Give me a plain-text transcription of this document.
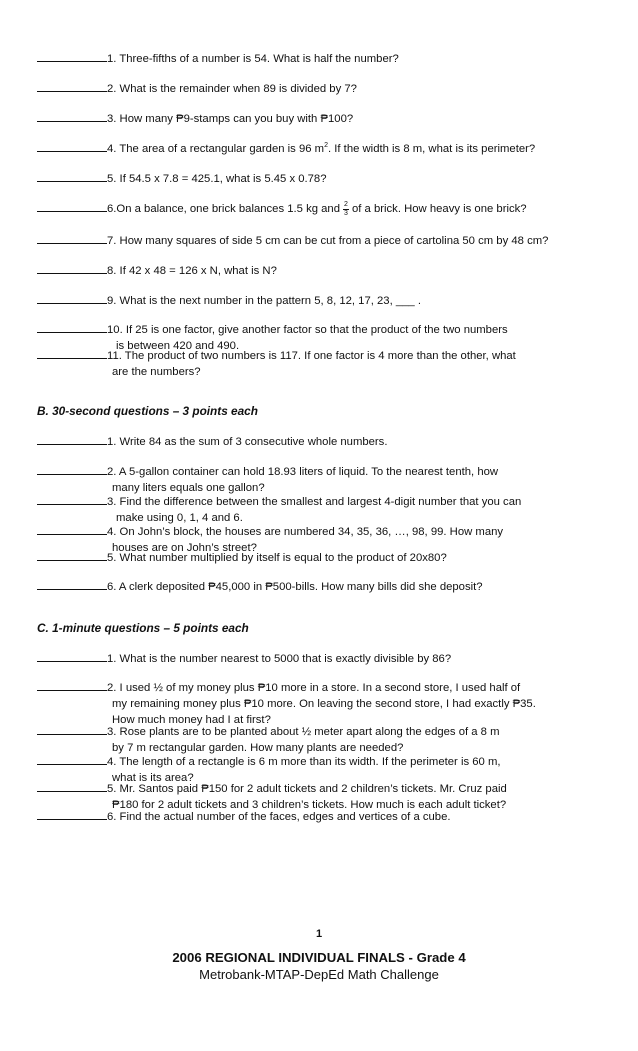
1. Three-fifths of a number is 54. What is half the number?
2. What is the remainder when 89 is divided by 7?
3. How many ₱9-stamps can you buy with ₱100?
4. The area of a rectangular garden is 96 $m^2$. If the width is 8 m, what is its perimeter?
5. If 54.5 x 7.8 = 425.1, what is 5.45 x 0.78?
6.On a balance, one brick balances 1.5 kg and $\frac{2}{3}$ of a brick. How heavy is one brick?
7. How many squares of side 5 cm can be cut from a piece of cartolina 50 cm by 48 cm?
8. If 42 x 48 = 126 x N, what is N?
9. What is the next number in the pattern 5, 8, 12, 17, 23, ___ .
10. If 25 is one factor, give another factor so that the product of the two numbers
is between 420 and 490.
11. The product of two numbers is 117. If one factor is 4 more than the other, what
are the numbers?
B. 30-second questions – 3 points each
1. Write 84 as the sum of 3 consecutive whole numbers.
2. A 5-gallon container can hold 18.93 liters of liquid. To the nearest tenth, how
many liters equals one gallon?
3. Find the difference between the smallest and largest 4-digit number that you can
make using 0, 1, 4 and 6.
4. On John’s block, the houses are numbered 34, 35, 36, …, 98, 99. How many
houses are on John’s street?
5. What number multiplied by itself is equal to the product of 20x80?
6. A clerk deposited ₱45,000 in ₱500-bills. How many bills did she deposit?
C. 1-minute questions – 5 points each
1. What is the number nearest to 5000 that is exactly divisible by 86?
2. I used ½ of my money plus ₱10 more in a store. In a second store, I used half of
my remaining money plus ₱10 more. On leaving the second store, I had exactly ₱35.
How much money had I at first?
3. Rose plants are to be planted about ½ meter apart along the edges of a 8 m
by 7 m rectangular garden. How many plants are needed?
4. The length of a rectangle is 6 m more than its width. If the perimeter is 60 m,
what is its area?
5. Mr. Santos paid ₱150 for 2 adult tickets and 2 children’s tickets. Mr. Cruz paid
₱180 for 2 adult tickets and 3 children’s tickets. How much is each adult ticket?
6. Find the actual number of the faces, edges and vertices of a cube.
1
2006 REGIONAL INDIVIDUAL FINALS - Grade 4
Metrobank-MTAP-DepEd Math Challenge
